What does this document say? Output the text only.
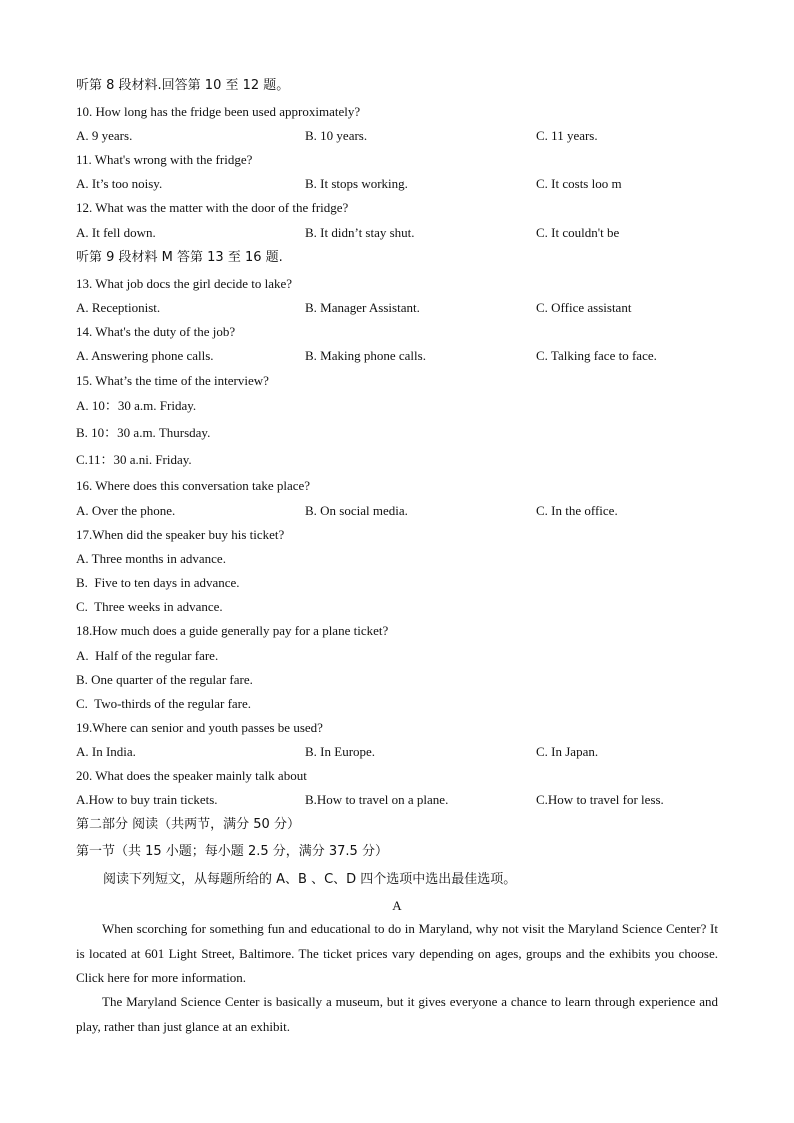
听第 8 段材料.回答第 10 至 12 题。
10. How long has the fridge been used approximately?
A. 9 years.	B. 10 years.	C. 11 years.
11. What's wrong with the fridge?
A. It’s too noisy.	B. It stops working.	C. It costs loo m
12. What was the matter with the door of the fridge?
A. It fell down.	B. It didn’t stay shut.	C. It couldn't be
听第 9 段材料 M 答第 13 至 16 题.
13. What job docs the girl decide to lake?
A. Receptionist.	B. Manager Assistant.	C. Office assistant
14. What's the duty of the job?
A. Answering phone calls.	B. Making phone calls.	C. Talking face to face.
15. What’s the time of the interview?
A. 10：30 a.m. Friday.
B. 10：30 a.m. Thursday.
C.11：30 a.ni. Friday.
16. Where does this conversation take place?
A. Over the phone.	B. On social media.	C. In the office.
17.When did the speaker buy his ticket?
A. Three months in advance.
B.  Five to ten days in advance.
C.  Three weeks in advance.
18.How much does a guide generally pay for a plane ticket?
A.  Half of the regular fare.
B. One quarter of the regular fare.
C.  Two-thirds of the regular fare.
19.Where can senior and youth passes be used?
A. In India.	B. In Europe.	C. In Japan.
20. What does the speaker mainly talk about
A.How to buy train tickets.	B.How to travel on a plane.	C.How to travel for less.
第二部分 阅读（共两节，满分 50 分）
第一节（共 15 小题；每小题 2.5 分，满分 37.5 分）
阅读下列短文，从每题所给的 A、B 、C、D 四个选项中选出最佳选项。
A
When scorching for something fun and educational to do in Maryland, why not visit the Maryland Science Center? It is located at 601 Light Street, Baltimore. The ticket prices vary depending on ages, groups and the exhibits you choose. Click here for more information.
The Maryland Science Center is basically a museum, but it gives everyone a chance to learn through experience and play, rather than just glance at an exhibit.
